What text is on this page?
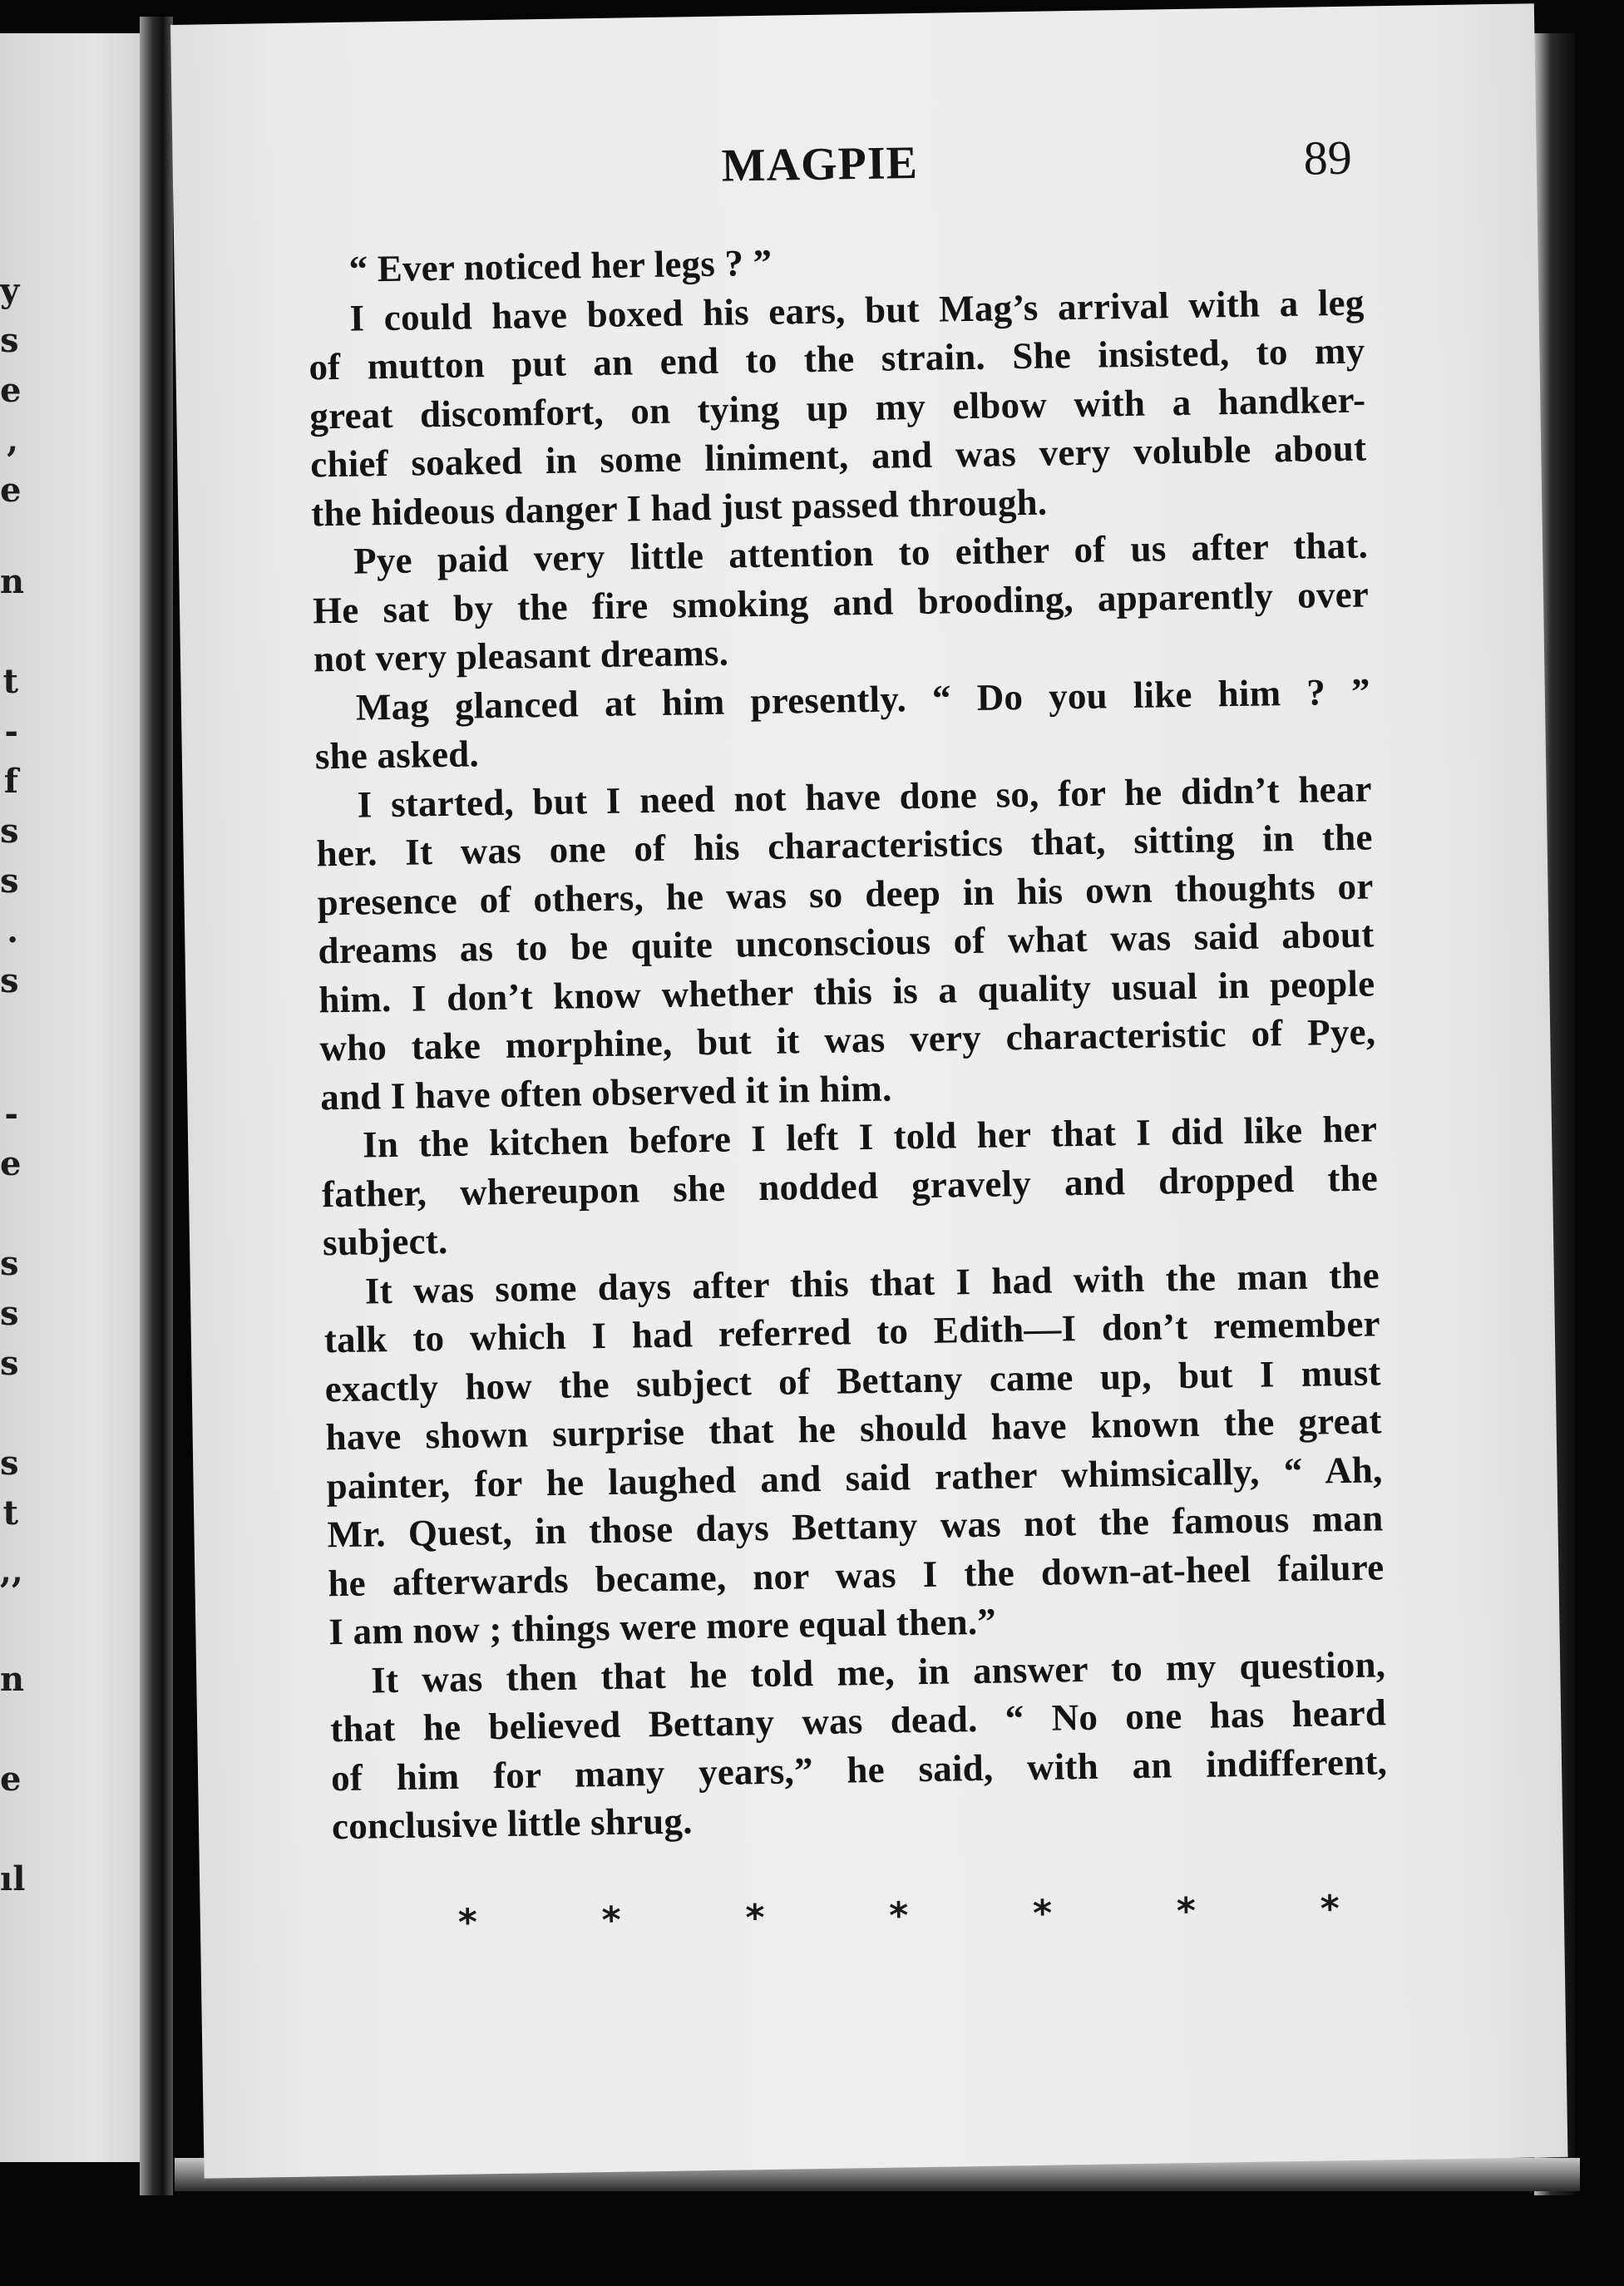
y
s
e
,
e
n
t
-
f
s
s
.
s
-
e
s
s
s
s
t
,,
n
e
ıl
MAGPIE	89
“ Ever noticed her legs ? ”
I could have boxed his ears, but Mag’s arrival with a leg
of mutton put an end to the strain. She insisted, to my
great discomfort, on tying up my elbow with a handker-
chief soaked in some liniment, and was very voluble about
the hideous danger I had just passed through.
Pye paid very little attention to either of us after that.
He sat by the fire smoking and brooding, apparently over
not very pleasant dreams.
Mag glanced at him presently. “ Do you like him ? ”
she asked.
I started, but I need not have done so, for he didn’t hear
her. It was one of his characteristics that, sitting in the
presence of others, he was so deep in his own thoughts or
dreams as to be quite unconscious of what was said about
him. I don’t know whether this is a quality usual in people
who take morphine, but it was very characteristic of Pye,
and I have often observed it in him.
In the kitchen before I left I told her that I did like her
father, whereupon she nodded gravely and dropped the
subject.
It was some days after this that I had with the man the
talk to which I had referred to Edith—I don’t remember
exactly how the subject of Bettany came up, but I must
have shown surprise that he should have known the great
painter, for he laughed and said rather whimsically, “ Ah,
Mr. Quest, in those days Bettany was not the famous man
he afterwards became, nor was I the down-at-heel failure
I am now ; things were more equal then.”
It was then that he told me, in answer to my question,
that he believed Bettany was dead. “ No one has heard
of him for many years,” he said, with an indifferent,
conclusive little shrug.
*	*	*	*	*	*	*
